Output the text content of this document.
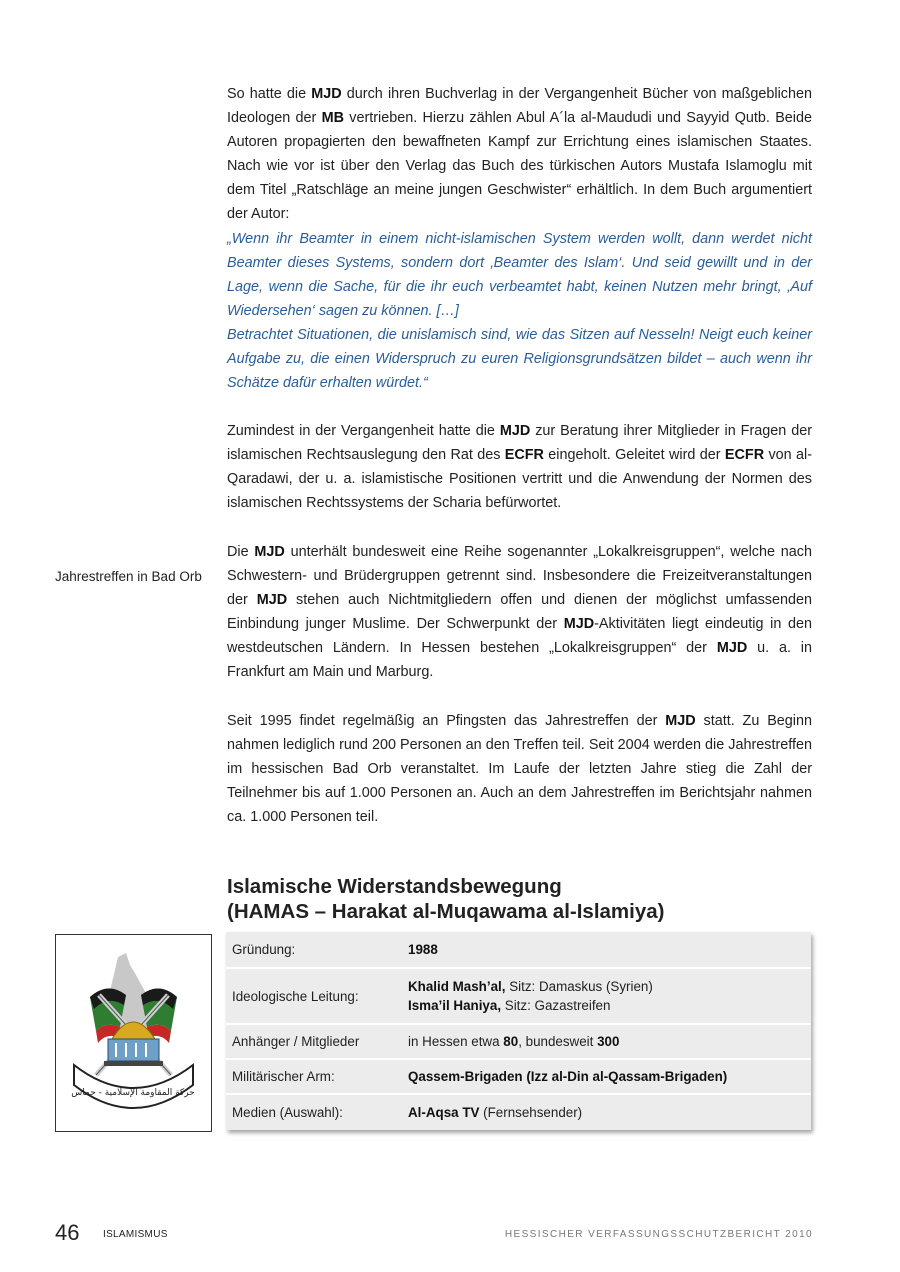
So hatte die MJD durch ihren Buchverlag in der Vergangenheit Bücher von maßgeblichen Ideologen der MB vertrieben. Hierzu zählen Abul A´la al-Maududi und Sayyid Qutb. Beide Autoren propagierten den bewaffneten Kampf zur Errichtung eines islamischen Staates. Nach wie vor ist über den Verlag das Buch des türkischen Autors Mustafa Islamoglu mit dem Titel „Ratschläge an meine jungen Geschwister“ erhältlich. In dem Buch argumentiert der Autor:

„Wenn ihr Beamter in einem nicht-islamischen System werden wollt, dann werdet nicht Beamter dieses Systems, sondern dort ‚Beamter des Islam‘. Und seid gewillt und in der Lage, wenn die Sache, für die ihr euch verbeamtet habt, keinen Nutzen mehr bringt, ‚Auf Wiedersehen‘ sagen zu können. […]

Betrachtet Situationen, die unislamisch sind, wie das Sitzen auf Nesseln! Neigt euch keiner Aufgabe zu, die einen Widerspruch zu euren Religionsgrundsätzen bildet – auch wenn ihr Schätze dafür erhalten würdet.“

Zumindest in der Vergangenheit hatte die MJD zur Beratung ihrer Mitglieder in Fragen der islamischen Rechtsauslegung den Rat des ECFR eingeholt. Geleitet wird der ECFR von al-Qaradawi, der u. a. islamistische Positionen vertritt und die Anwendung der Normen des islamischen Rechtssystems der Scharia befürwortet.

Jahrestreffen in Bad Orb

Die MJD unterhält bundesweit eine Reihe sogenannter „Lokalkreisgruppen“, welche nach Schwestern- und Brüdergruppen getrennt sind. Insbesondere die Freizeitveranstaltungen der MJD stehen auch Nichtmitgliedern offen und dienen der möglichst umfassenden Einbindung junger Muslime. Der Schwerpunkt der MJD-Aktivitäten liegt eindeutig in den westdeutschen Ländern. In Hessen bestehen „Lokalkreisgruppen“ der MJD u. a. in Frankfurt am Main und Marburg.

Seit 1995 findet regelmäßig an Pfingsten das Jahrestreffen der MJD statt. Zu Beginn nahmen lediglich rund 200 Personen an den Treffen teil. Seit 2004 werden die Jahrestreffen im hessischen Bad Orb veranstaltet. Im Laufe der letzten Jahre stieg die Zahl der Teilnehmer bis auf 1.000 Personen an. Auch an dem Jahrestreffen im Berichtsjahr nahmen ca. 1.000 Personen teil.

Islamische Widerstandsbewegung
(HAMAS – Harakat al-Muqawama al-Islamiya)
حركة المقاومة الإسلامية - حماس
Gründung:	1988
Ideologische Leitung:	Khalid Mash’al, Sitz: Damaskus (Syrien)
Isma’il Haniya, Sitz: Gazastreifen
Anhänger / Mitglieder	in Hessen etwa 80, bundesweit 300
Militärischer Arm:	Qassem-Brigaden (Izz al-Din al-Qassam-Brigaden)
Medien (Auswahl):	Al-Aqsa TV (Fernsehsender)
46 ISLAMISMUS	HESSISCHER VERFASSUNGSSCHUTZBERICHT 2010
